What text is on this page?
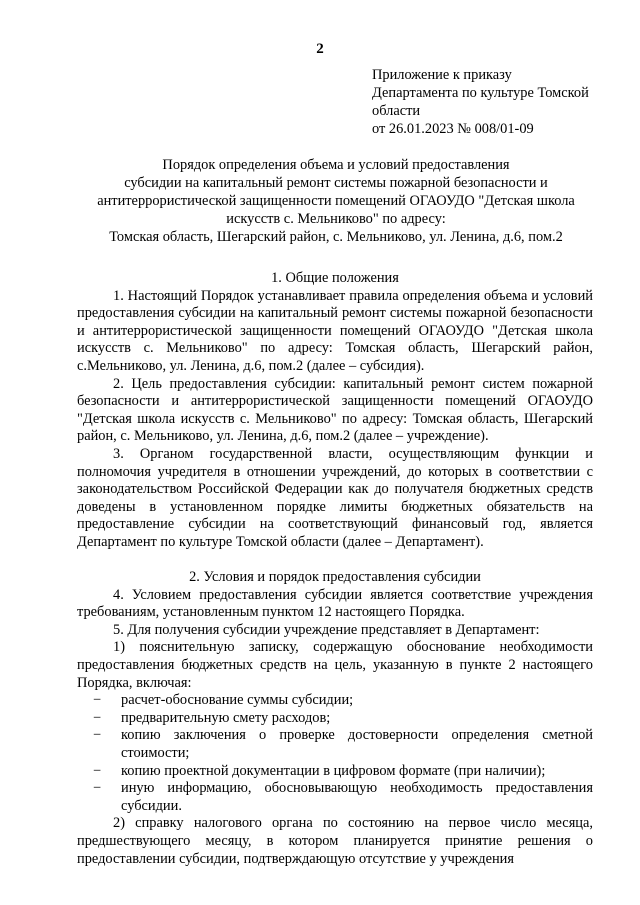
2
Приложение к приказу
Департамента по культуре Томской
области
от 26.01.2023 № 008/01-09
Порядок определения объема и условий предоставления
субсидии на капитальный ремонт системы пожарной безопасности и
антитеррористической защищенности помещений ОГАОУДО "Детская школа
искусств с. Мельниково" по адресу:
Томская область, Шегарский район, с. Мельниково, ул. Ленина, д.6, пом.2
1. Общие положения
1. Настоящий Порядок устанавливает правила определения объема и условий предоставления субсидии на капитальный ремонт системы пожарной безопасности и антитеррористической защищенности помещений ОГАОУДО "Детская школа искусств с. Мельниково" по адресу: Томская область, Шегарский район, с.Мельниково, ул. Ленина, д.6, пом.2 (далее – субсидия).
2. Цель предоставления субсидии: капитальный ремонт систем пожарной безопасности и антитеррористической защищенности помещений ОГАОУДО "Детская школа искусств с. Мельниково" по адресу: Томская область, Шегарский район, с. Мельниково, ул. Ленина, д.6, пом.2 (далее – учреждение).
3. Органом государственной власти, осуществляющим функции и полномочия учредителя в отношении учреждений, до которых в соответствии с законодательством Российской Федерации как до получателя бюджетных средств доведены в установленном порядке лимиты бюджетных обязательств на предоставление субсидии на соответствующий финансовый год, является Департамент по культуре Томской области (далее – Департамент).
2. Условия и порядок предоставления субсидии
4. Условием предоставления субсидии является соответствие учреждения требованиям, установленным пунктом 12 настоящего Порядка.
5. Для получения субсидии учреждение представляет в Департамент:
1) пояснительную записку, содержащую обоснование необходимости предоставления бюджетных средств на цель, указанную в пункте 2 настоящего Порядка, включая:
− расчет-обоснование суммы субсидии;
− предварительную смету расходов;
− копию заключения о проверке достоверности определения сметной стоимости;
− копию проектной документации в цифровом формате (при наличии);
− иную информацию, обосновывающую необходимость предоставления субсидии.
2) справку налогового органа по состоянию на первое число месяца, предшествующего месяцу, в котором планируется принятие решения о предоставлении субсидии, подтверждающую отсутствие у учреждения
